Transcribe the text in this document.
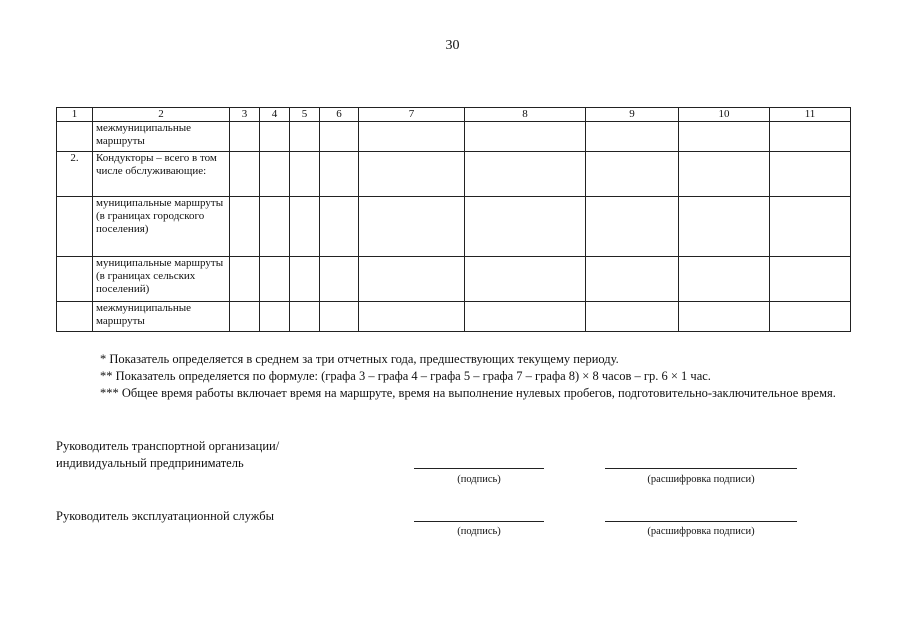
30
1	2	3	4	5	6	7	8	9	10	11
	межмуниципальные маршруты									
2.	Кондукторы – всего в том числе обслуживающие:									
	муниципальные маршруты (в границах городского поселения)									
	муниципальные маршруты (в границах сельских поселений)									
	межмуниципальные маршруты									

* Показатель определяется в среднем за три отчетных года, предшествующих текущему периоду.

** Показатель определяется по формуле: (графа 3 – графа 4 – графа 5 – графа 7 – графа 8) × 8 часов – гр. 6 × 1 час.

*** Общее время работы включает время на маршруте, время на выполнение нулевых пробегов, подготовительно-заключительное время.

Руководитель транспортной организации/
индивидуальный предприниматель
(подпись)	(расшифровка подписи)
Руководитель эксплуатационной службы
(подпись)	(расшифровка подписи)
